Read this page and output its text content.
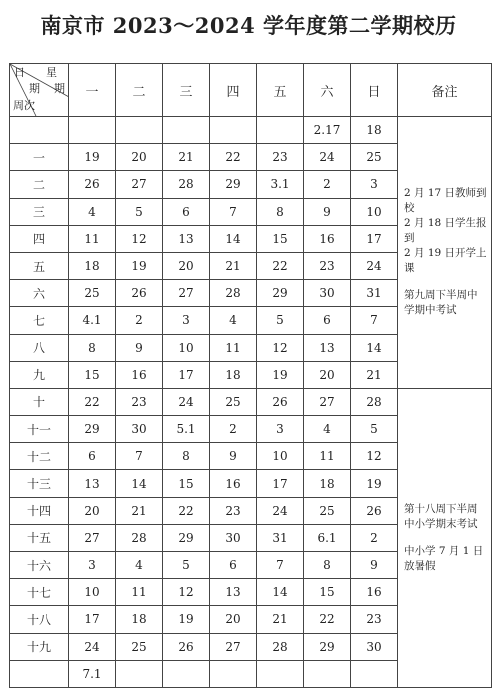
南京市 2023～2024 学年度第二学期校历
日 星
期 期
周次	一	二	三	四	五	六	日	备注
						2.17	18	2 月 17 日教师到校
2 月 18 日学生报到
2 月 19 日开学上课

第九周下半周中学期中考试

一	19	20	21	22	23	24	25	
二	26	27	28	29	3.1	2	3	
三	4	5	6	7	8	9	10	
四	11	12	13	14	15	16	17	
五	18	19	20	21	22	23	24	
六	25	26	27	28	29	30	31	
七	4.1	2	3	4	5	6	7	
八	8	9	10	11	12	13	14	
九	15	16	17	18	19	20	21	
十	22	23	24	25	26	27	28	第十八周下半周中小学期末考试

中小学 7 月 1 日放暑假

十一	29	30	5.1	2	3	4	5	
十二	6	7	8	9	10	11	12	
十三	13	14	15	16	17	18	19	
十四	20	21	22	23	24	25	26	
十五	27	28	29	30	31	6.1	2	
十六	3	4	5	6	7	8	9	
十七	10	11	12	13	14	15	16	
十八	17	18	19	20	21	22	23	
十九	24	25	26	27	28	29	30	
	7.1							
